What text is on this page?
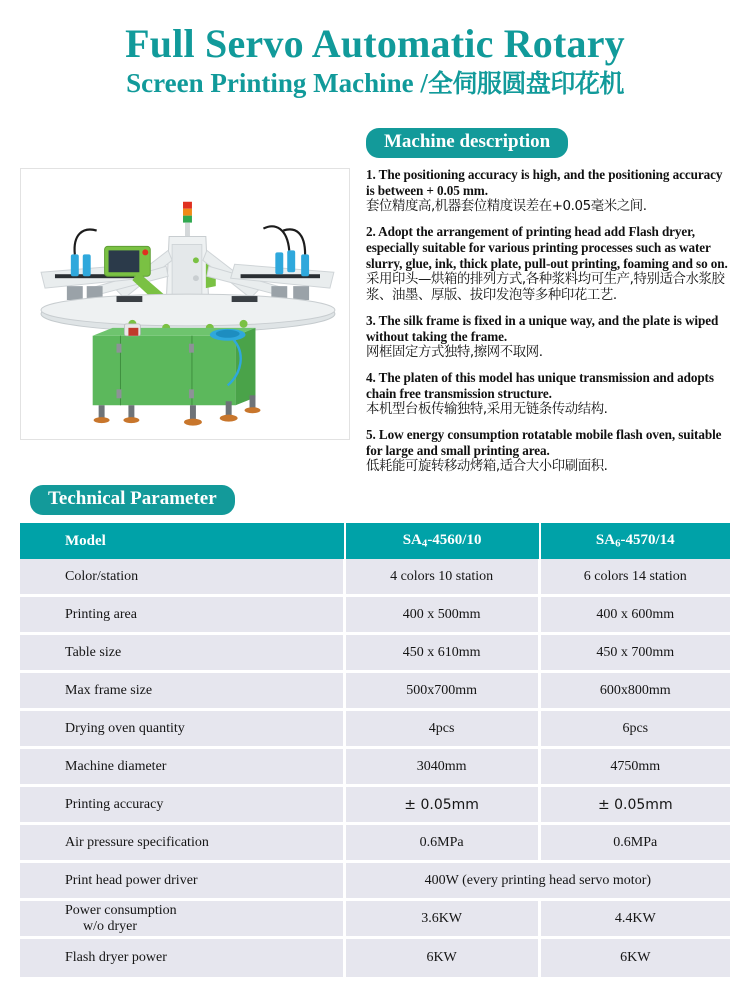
Full Servo Automatic Rotary
Screen Printing Machine /全伺服圆盘印花机
Machine description
1. The positioning accuracy is high, and the positioning accuracy is between + 0.05 mm.
套位精度高,机器套位精度误差在+0.05毫米之间.
2. Adopt the arrangement of printing head add Flash dryer, especially suitable for various printing processes such as water slurry, glue, ink, thick plate, pull-out printing, foaming and so on.
采用印头—烘箱的排列方式,各种浆料均可生产,特别适合水浆胶浆、油墨、厚版、拔印发泡等多种印花工艺.
3. The silk frame is fixed in a unique way, and the plate is wiped without taking the frame.
网框固定方式独特,擦网不取网.
4. The platen of this model has unique transmission and adopts chain free transmission structure.
本机型台板传输独特,采用无链条传动结构.
5. Low energy consumption rotatable mobile flash oven, suitable for large and small printing area.
低耗能可旋转移动烤箱,适合大小印刷面积.
Technical Parameter
Model	$SA_4-4560/10$	$SA_6-4570/14$
Color/station	4 colors 10 station	6 colors 14 station
Printing area	400 x 500mm	400 x 600mm
Table size	450 x 610mm	450 x 700mm
Max frame size	500x700mm	600x800mm
Drying oven quantity	4pcs	6pcs
Machine diameter	3040mm	4750mm
Printing accuracy	± 0.05mm	± 0.05mm
Air pressure specification	0.6MPa	0.6MPa
Print head power driver	400W (every printing head servo motor)	
Power consumption
w/o dryer	3.6KW	4.4KW
Flash dryer power	6KW	6KW
